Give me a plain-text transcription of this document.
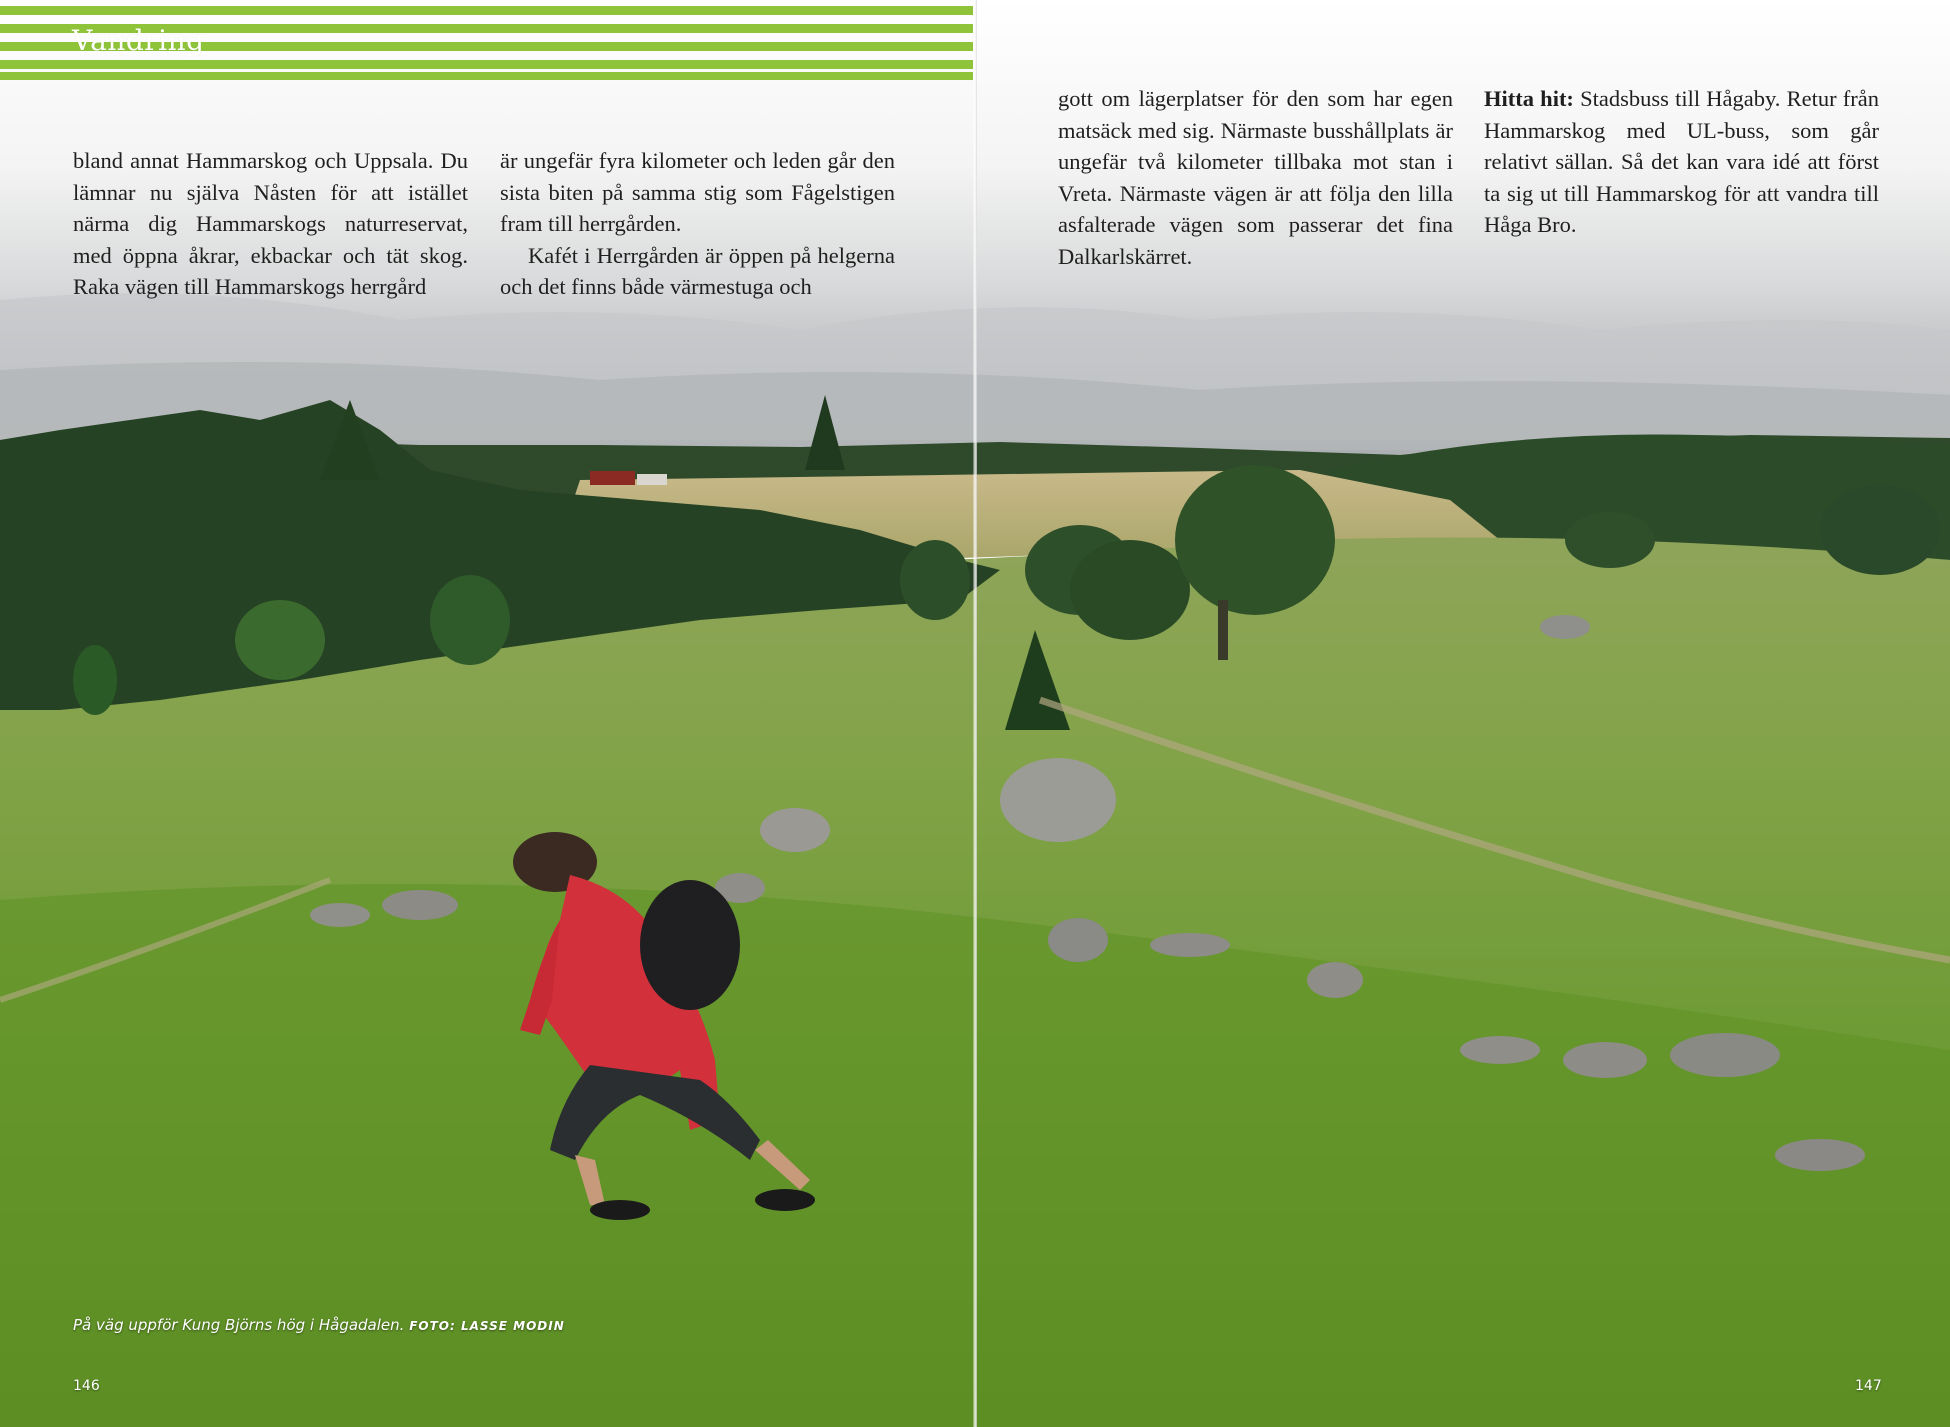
Vandring

bland annat Hammarskog och Uppsala. Du lämnar nu själva Nåsten för att istället närma dig Hammarskogs naturreservat, med öppna åkrar, ekbackar och tät skog. Raka vägen till Hammarskogs herrgård

är ungefär fyra kilometer och leden går den sista biten på samma stig som Fågelstigen fram till herrgården.

Kafét i Herrgården är öppen på helgerna och det finns både värmestuga och

gott om lägerplatser för den som har egen matsäck med sig. Närmaste busshållplats är ungefär två kilometer tillbaka mot stan i Vreta. Närmaste vägen är att följa den lilla asfalterade vägen som passerar det fina Dalkarlskärret.

Hitta hit: Stadsbuss till Hågaby. Retur från Hammarskog med UL-buss, som går relativt sällan. Så det kan vara idé att först ta sig ut till Hammarskog för att vandra till Håga Bro.

På väg uppför Kung Björns hög i Hågadalen. FOTO: LASSE MODIN
146	147
